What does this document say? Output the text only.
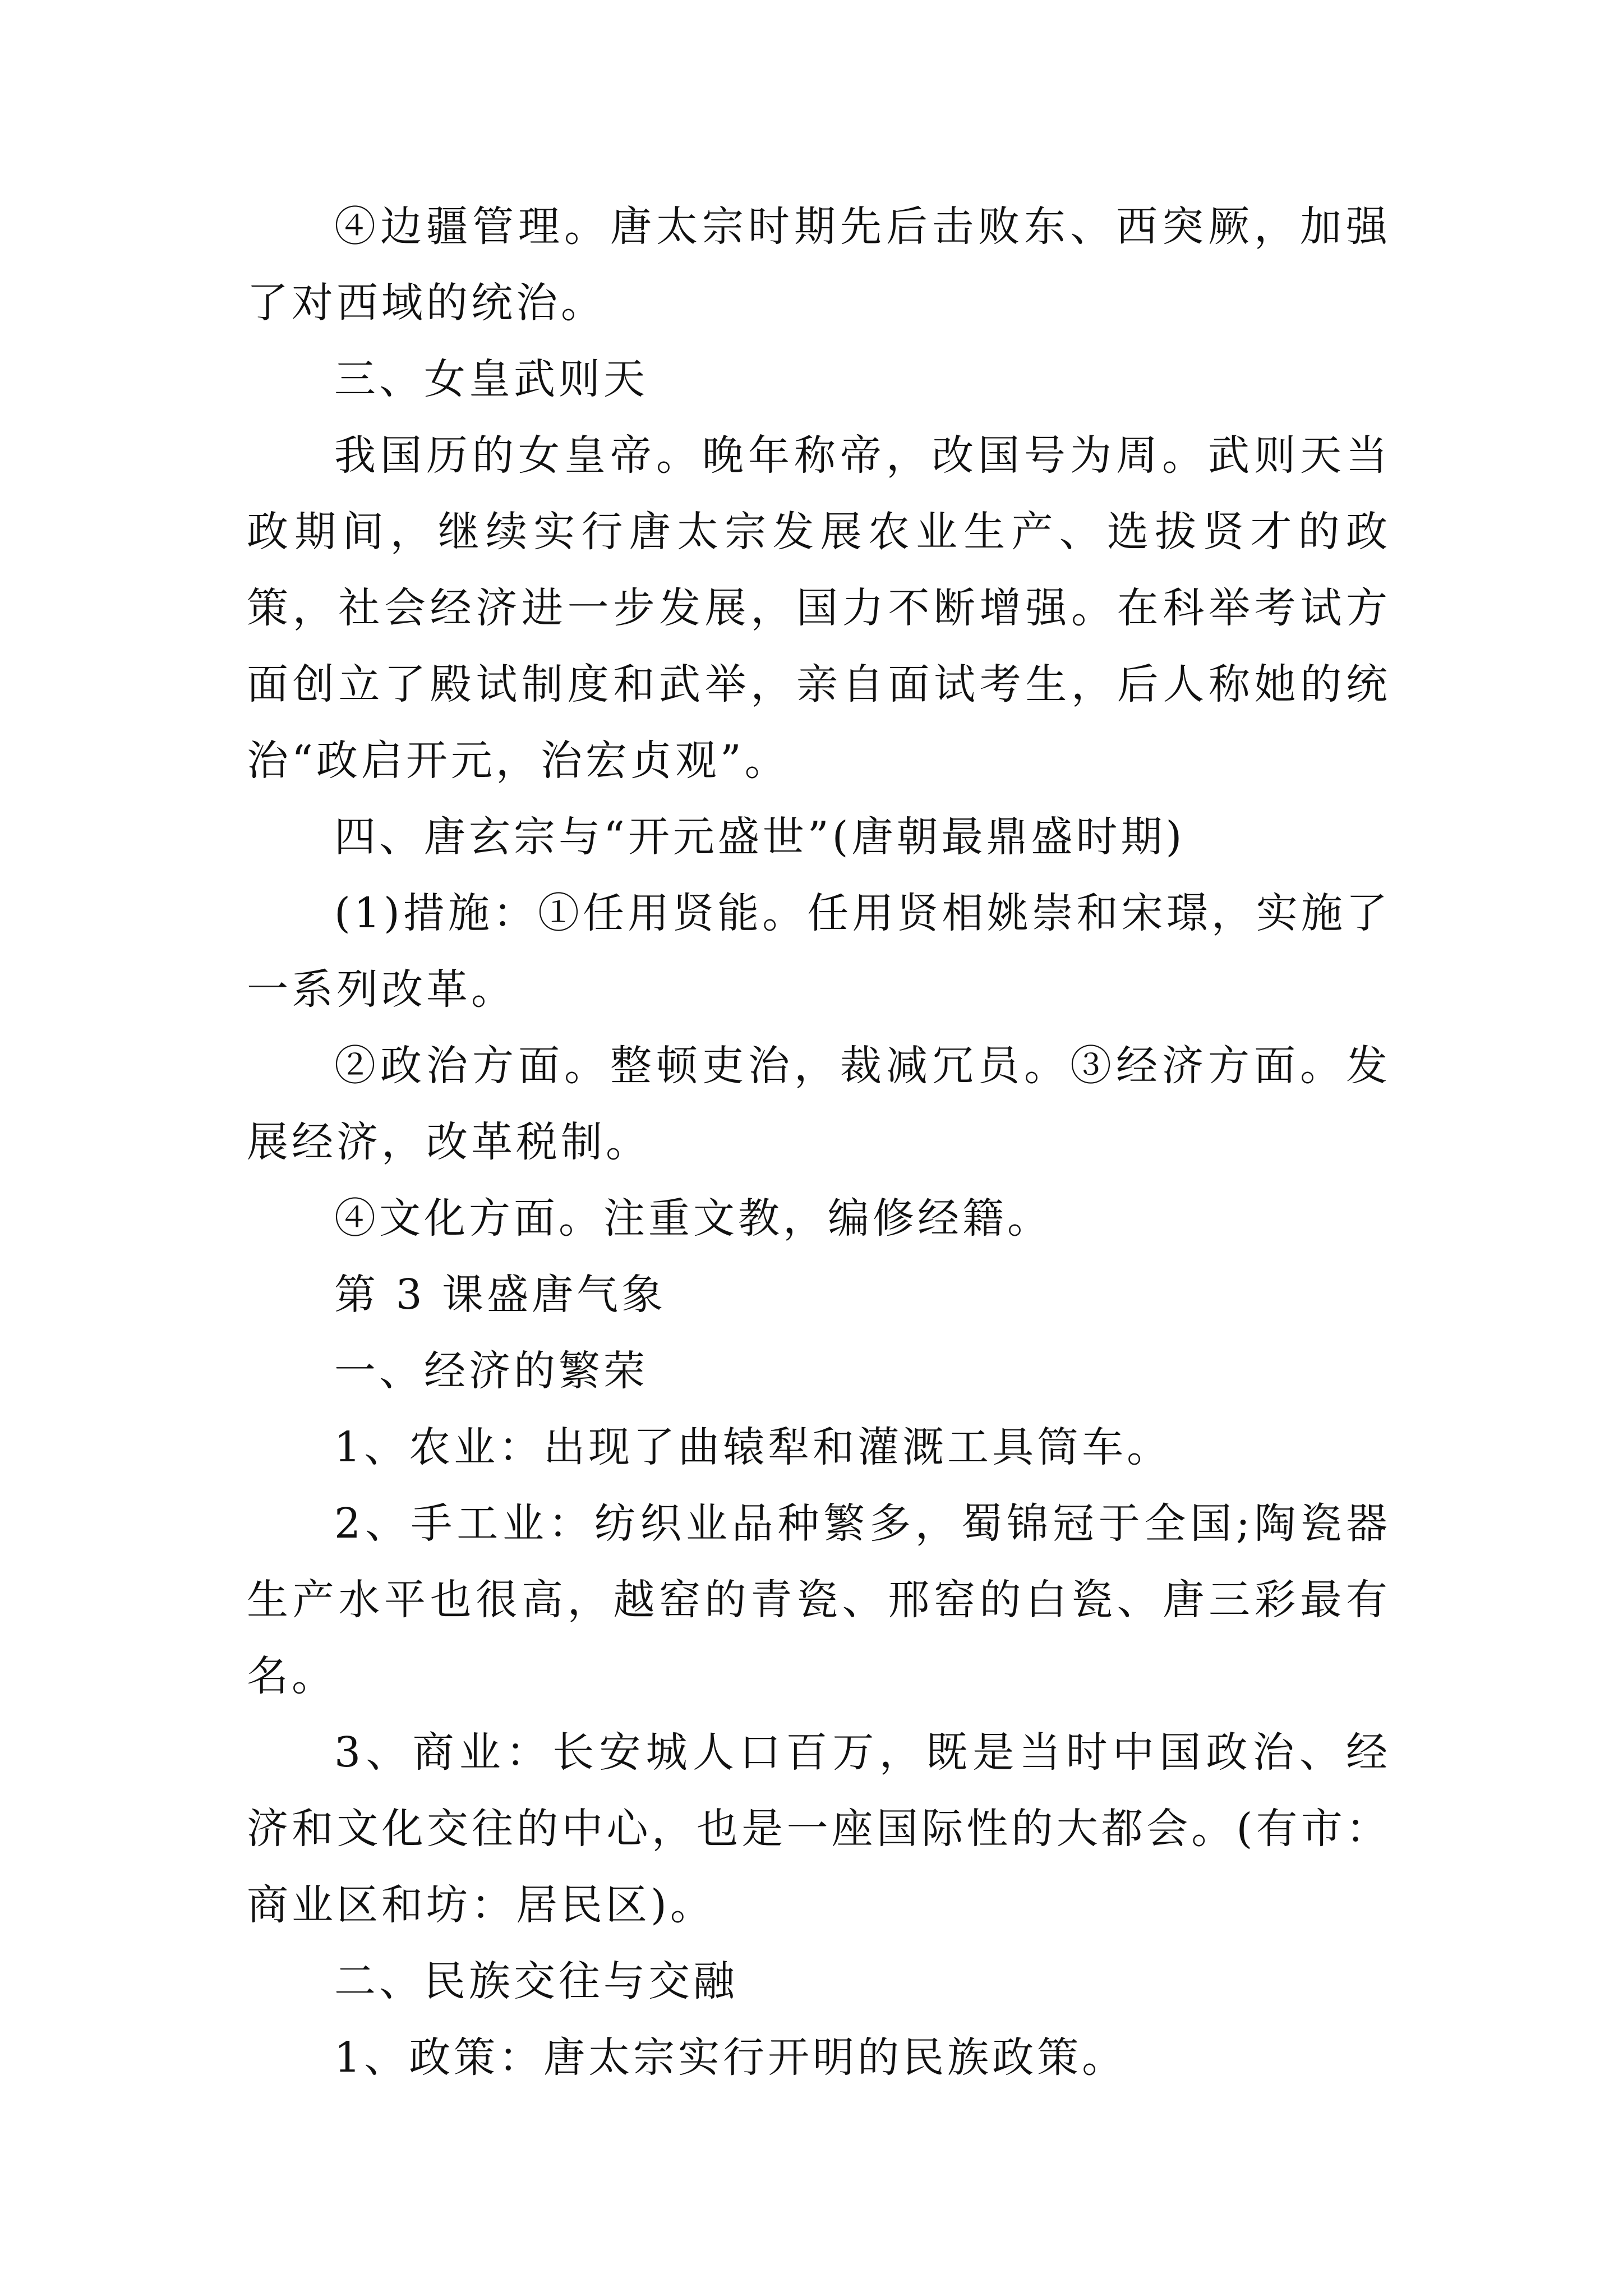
④边疆管理。唐太宗时期先后击败东、西突厥，加强了对西域的统治。

三、女皇武则天

我国历的女皇帝。晚年称帝，改国号为周。武则天当政期间，继续实行唐太宗发展农业生产、选拔贤才的政策，社会经济进一步发展，国力不断增强。在科举考试方面创立了殿试制度和武举，亲自面试考生，后人称她的统治“政启开元，治宏贞观”。

四、唐玄宗与“开元盛世”(唐朝最鼎盛时期)

(1)措施：①任用贤能。任用贤相姚崇和宋璟，实施了一系列改革。

②政治方面。整顿吏治，裁减冗员。③经济方面。发展经济，改革税制。

④文化方面。注重文教，编修经籍。

第 3 课盛唐气象

一、经济的繁荣

1、农业：出现了曲辕犁和灌溉工具筒车。

2、手工业：纺织业品种繁多，蜀锦冠于全国;陶瓷器生产水平也很高，越窑的青瓷、邢窑的白瓷、唐三彩最有名。

3、商业：长安城人口百万，既是当时中国政治、经济和文化交往的中心，也是一座国际性的大都会。(有市：商业区和坊：居民区)。

二、民族交往与交融

1、政策：唐太宗实行开明的民族政策。
